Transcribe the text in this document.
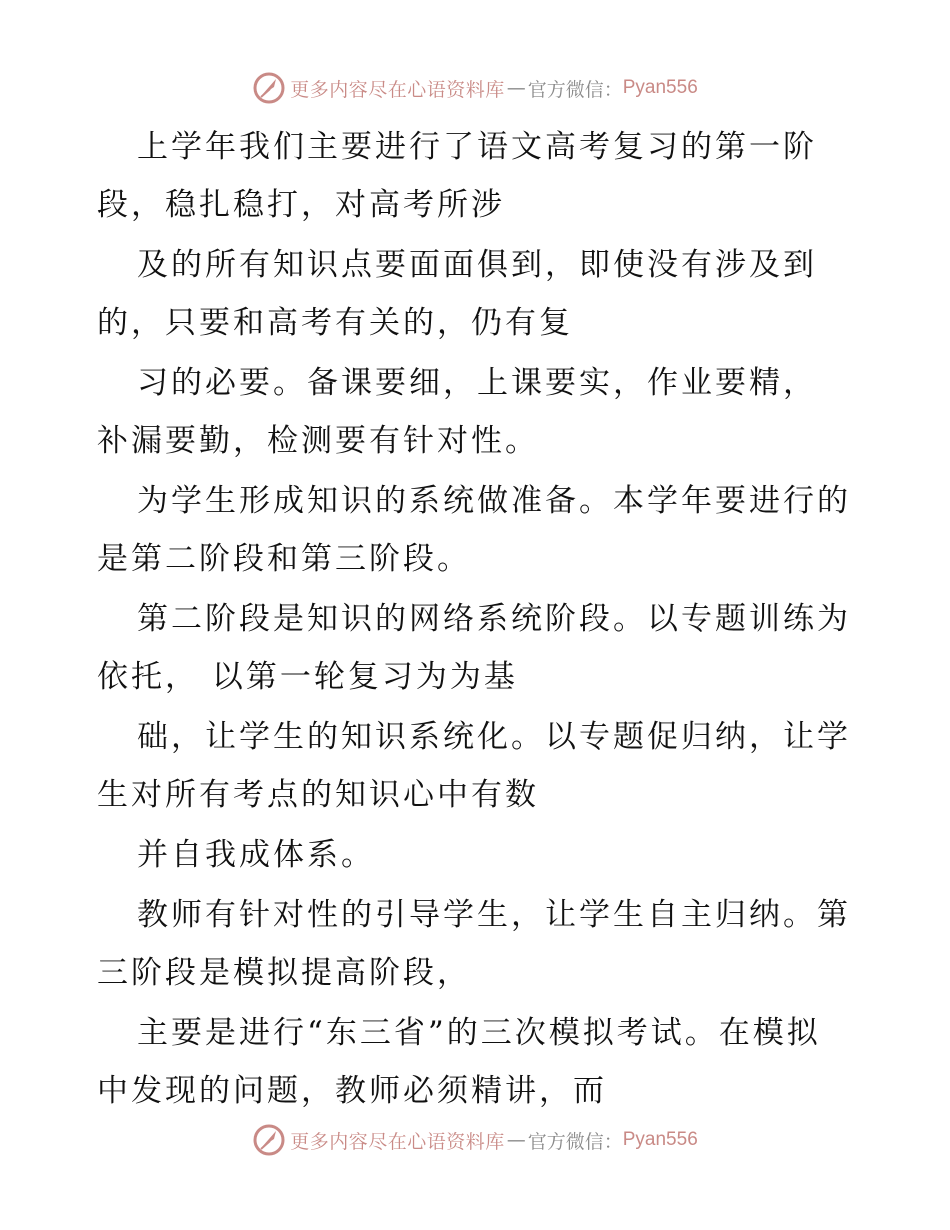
更多内容尽在心语资料库 — 官方微信： Pyan556
上学年我们主要进行了语文高考复习的第一阶
段，稳扎稳打，对高考所涉
及的所有知识点要面面俱到，即使没有涉及到
的，只要和高考有关的，仍有复
习的必要。备课要细，上课要实，作业要精，
补漏要勤，检测要有针对性。
为学生形成知识的系统做准备。本学年要进行的
是第二阶段和第三阶段。
第二阶段是知识的网络系统阶段。以专题训练为
依托， 以第一轮复习为为基
础，让学生的知识系统化。以专题促归纳，让学
生对所有考点的知识心中有数
并自我成体系。
教师有针对性的引导学生，让学生自主归纳。第
三阶段是模拟提高阶段，
主要是进行“东三省”的三次模拟考试。在模拟
中发现的问题，教师必须精讲，而
更多内容尽在心语资料库 — 官方微信： Pyan556
